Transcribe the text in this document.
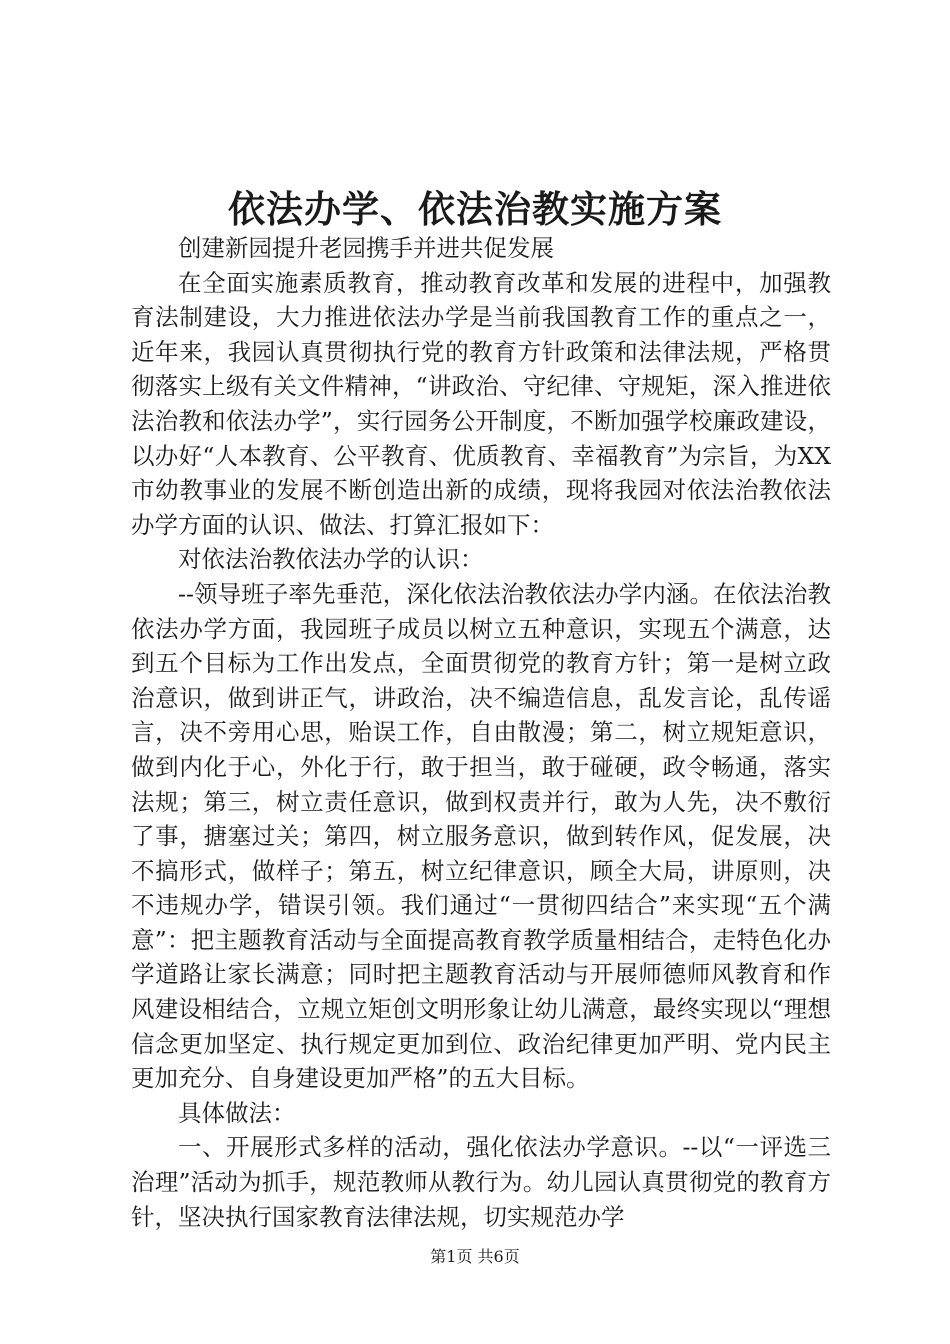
依法办学、依法治教实施方案

创建新园提升老园携手并进共促发展

在全面实施素质教育，推动教育改革和发展的进程中，加强教育法制建设，大力推进依法办学是当前我国教育工作的重点之一，近年来，我园认真贯彻执行党的教育方针政策和法律法规，严格贯彻落实上级有关文件精神，“讲政治、守纪律、守规矩，深入推进依法治教和依法办学”，实行园务公开制度，不断加强学校廉政建设，以办好“人本教育、公平教育、优质教育、幸福教育”为宗旨，为XX市幼教事业的发展不断创造出新的成绩，现将我园对依法治教依法办学方面的认识、做法、打算汇报如下：

对依法治教依法办学的认识：

--领导班子率先垂范，深化依法治教依法办学内涵。在依法治教依法办学方面，我园班子成员以树立五种意识，实现五个满意，达到五个目标为工作出发点，全面贯彻党的教育方针；第一是树立政治意识，做到讲正气，讲政治，决不编造信息，乱发言论，乱传谣言，决不旁用心思，贻误工作，自由散漫；第二，树立规矩意识，做到内化于心，外化于行，敢于担当，敢于碰硬，政令畅通，落实法规；第三，树立责任意识，做到权责并行，敢为人先，决不敷衍了事，搪塞过关；第四，树立服务意识，做到转作风，促发展，决不搞形式，做样子；第五，树立纪律意识，顾全大局，讲原则，决不违规办学，错误引领。我们通过“一贯彻四结合”来实现“五个满意”：把主题教育活动与全面提高教育教学质量相结合，走特色化办学道路让家长满意；同时把主题教育活动与开展师德师风教育和作风建设相结合，立规立矩创文明形象让幼儿满意，最终实现以“理想信念更加坚定、执行规定更加到位、政治纪律更加严明、党内民主更加充分、自身建设更加严格”的五大目标。

具体做法：

一、开展形式多样的活动，强化依法办学意识。--以“一评选三治理”活动为抓手，规范教师从教行为。幼儿园认真贯彻党的教育方针，坚决执行国家教育法律法规，切实规范办学

第1页 共6页
